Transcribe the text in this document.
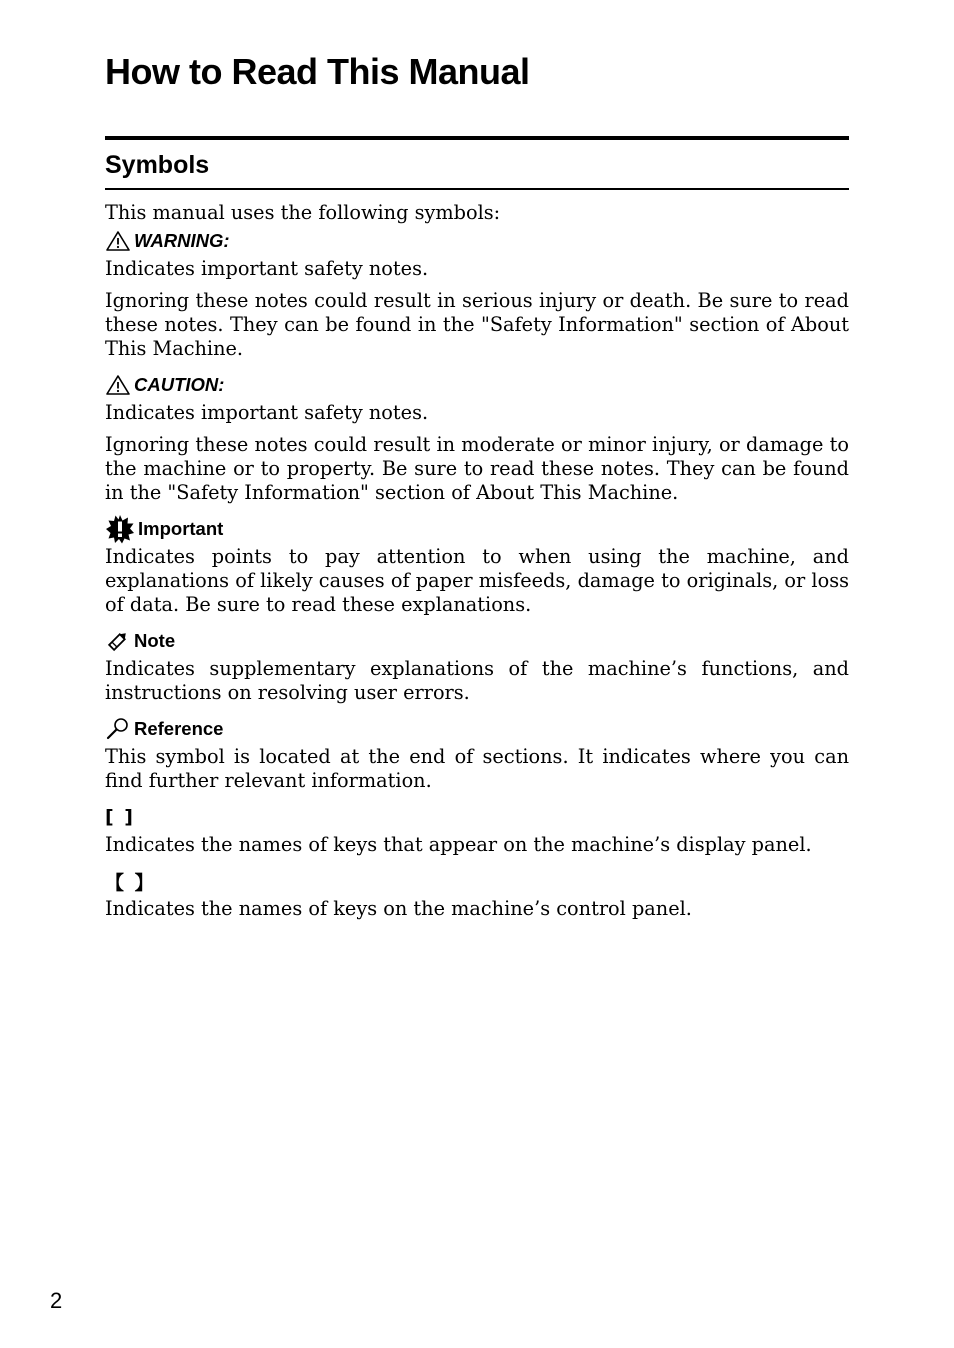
How to Read This Manual
Symbols

This manual uses the following symbols:

WARNING:

Indicates important safety notes.

Ignoring these notes could result in serious injury or death. Be sure to read these notes. They can be found in the "Safety Information" section of About This Machine.

CAUTION:

Indicates important safety notes.

Ignoring these notes could result in moderate or minor injury, or damage to the machine or to property. Be sure to read these notes. They can be found in the "Safety Information" section of About This Machine.

Important

Indicates points to pay attention to when using the machine, and explanations of likely causes of paper misfeeds, damage to originals, or loss of data. Be sure to read these explanations.

Note

Indicates supplementary explanations of the machine’s functions, and instructions on resolving user errors.

Reference

This symbol is located at the end of sections. It indicates where you can find further relevant information.

[ ]

Indicates the names of keys that appear on the machine’s display panel.

【 】

Indicates the names of keys on the machine’s control panel.

2
